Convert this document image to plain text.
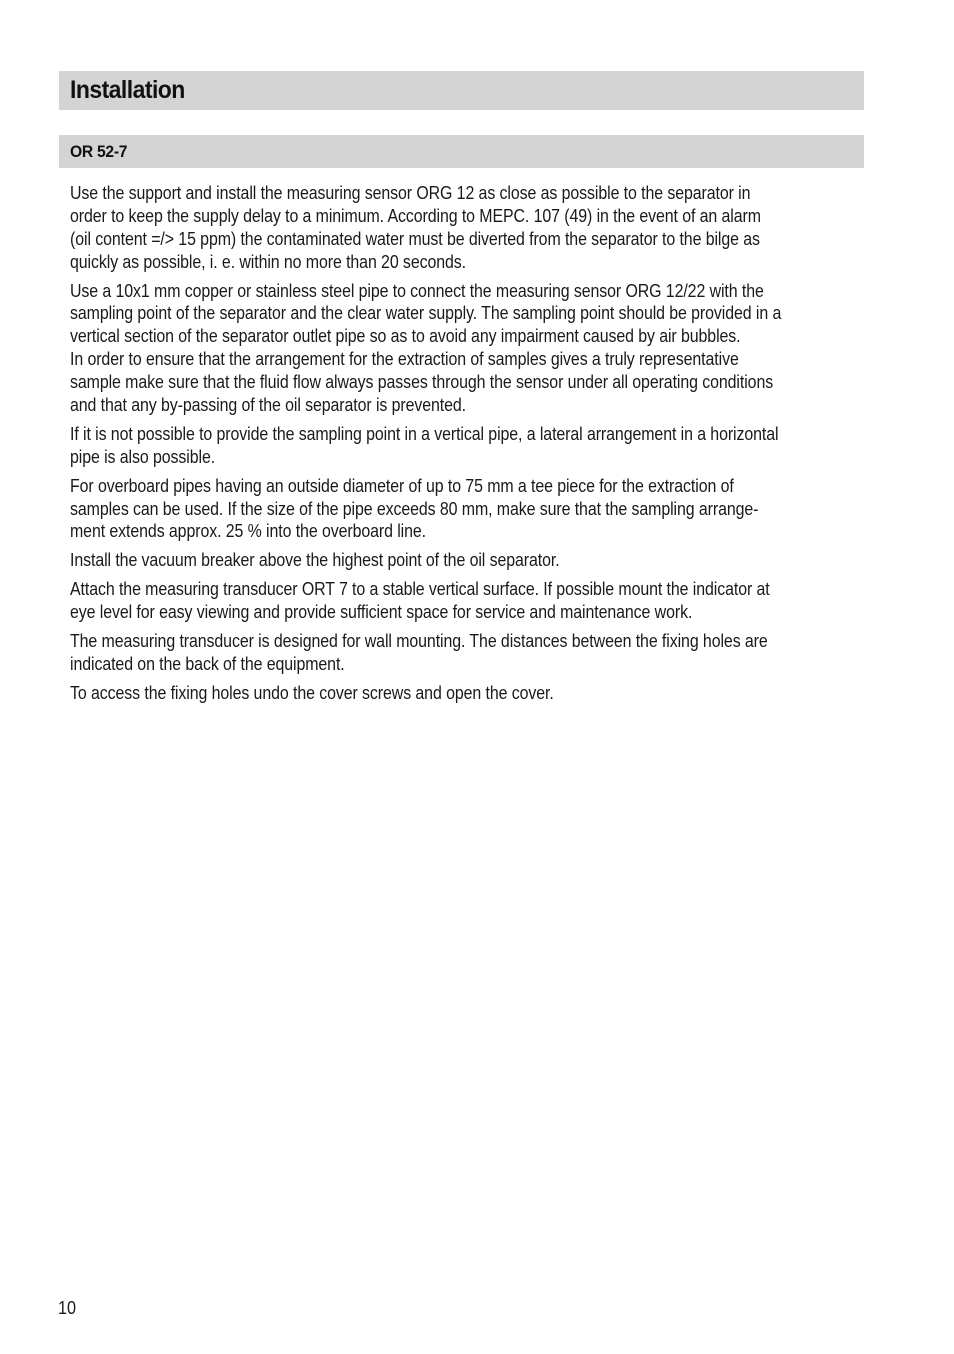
Installation
OR 52-7

Use the support and install the measuring sensor ORG 12 as close as possible to the separator in
order to keep the supply delay to a minimum. According to MEPC. 107 (49) in the event of an alarm
(oil content =/> 15 ppm) the contaminated water must be diverted from the separator to the bilge as
quickly as possible, i. e. within no more than 20 seconds.

Use a 10x1 mm copper or stainless steel pipe to connect the measuring sensor ORG 12/22 with the
sampling point of the separator and the clear water supply. The sampling point should be provided in a
vertical section of the separator outlet pipe so as to avoid any impairment caused by air bubbles.
In order to ensure that the arrangement for the extraction of samples gives a truly representative
sample make sure that the fluid flow always passes through the sensor under all operating conditions
and that any by-passing of the oil separator is prevented.

If it is not possible to provide the sampling point in a vertical pipe, a lateral arrangement in a horizontal
pipe is also possible.

For overboard pipes having an outside diameter of up to 75 mm a tee piece for the extraction of
samples can be used. If the size of the pipe exceeds 80 mm, make sure that the sampling arrange-
ment extends approx. 25 % into the overboard line.

Install the vacuum breaker above the highest point of the oil separator.

Attach the measuring transducer ORT 7 to a stable vertical surface. If possible mount the indicator at
eye level for easy viewing and provide sufficient space for service and maintenance work.

The measuring transducer is designed for wall mounting. The distances between the fixing holes are
indicated on the back of the equipment.

To access the fixing holes undo the cover screws and open the cover.

10
